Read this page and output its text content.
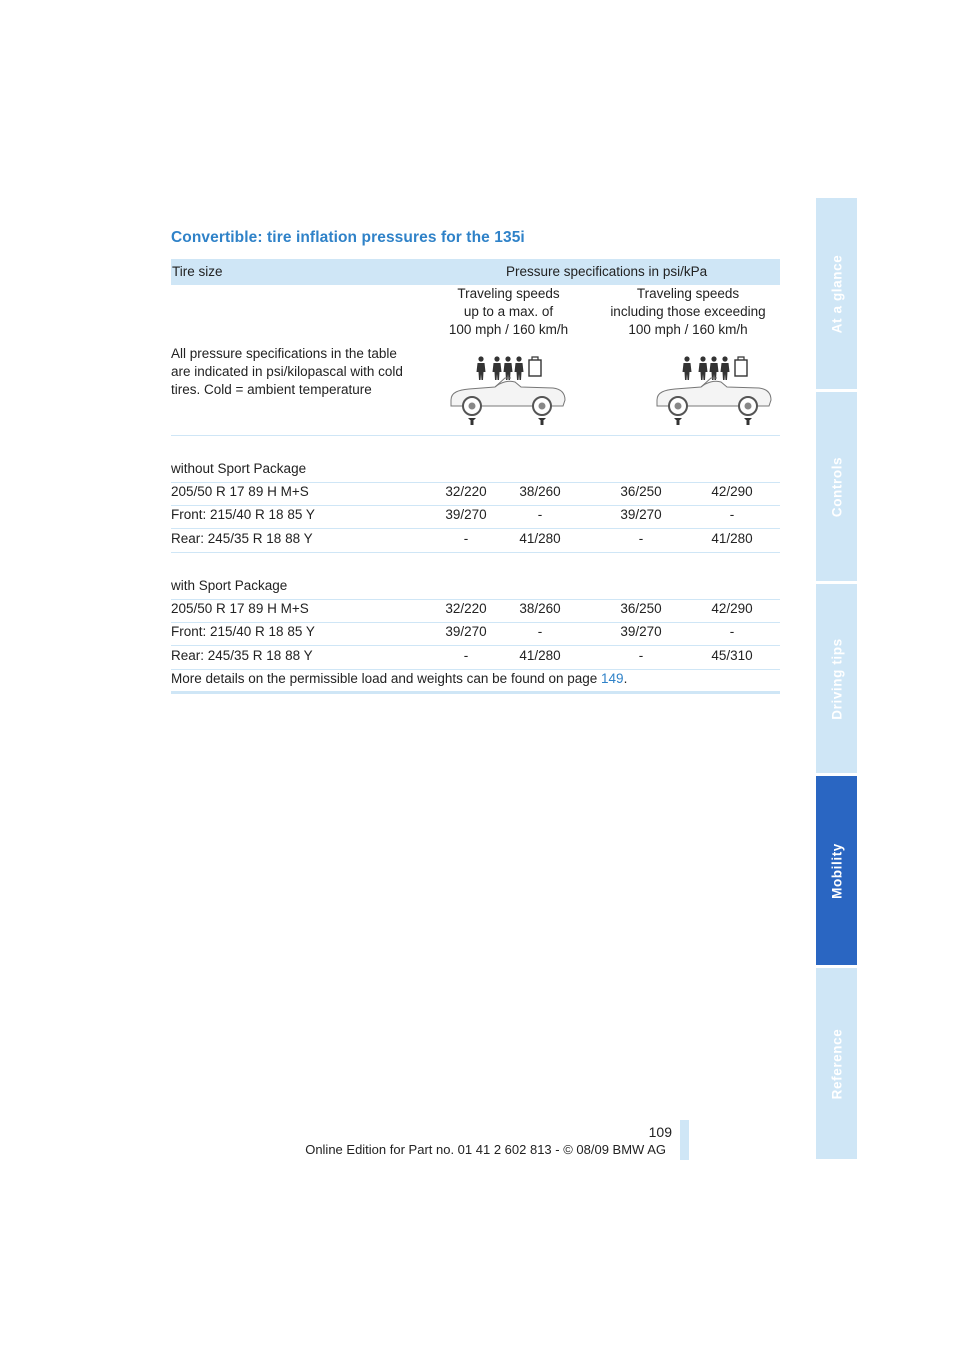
Convertible: tire inflation pressures for the 135i
Tire size	Pressure specifications in psi/kPa
Traveling speeds
up to a max. of
100 mph / 160 km/h
Traveling speeds
including those exceeding
100 mph / 160 km/h
All pressure specifications in the table are indicated in psi/kilopascal with cold tires. Cold = ambient temperature
without Sport Package
205/50 R 17 89 H M+S	32/220	38/260	36/250	42/290
Front: 215/40 R 18 85 Y	39/270	-	39/270	-
Rear: 245/35 R 18 88 Y	-	41/280	-	41/280
with Sport Package
205/50 R 17 89 H M+S	32/220	38/260	36/250	42/290
Front: 215/40 R 18 85 Y	39/270	-	39/270	-
Rear: 245/35 R 18 88 Y	-	41/280	-	45/310
More details on the permissible load and weights can be found on page 149.
At a glance
Controls
Driving tips
Mobility
Reference
109
Online Edition for Part no. 01 41 2 602 813 - © 08/09 BMW AG
